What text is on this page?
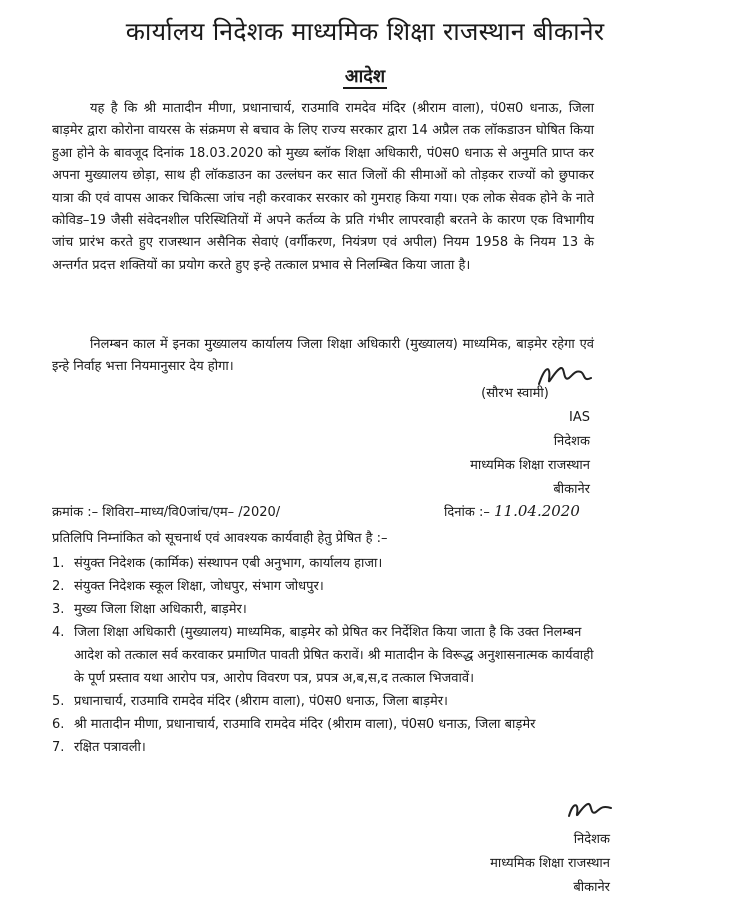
कार्यालय निदेशक माध्यमिक शिक्षा राजस्थान बीकानेर
आदेश
यह है कि श्री मातादीन मीणा, प्रधानाचार्य, राउमावि रामदेव मंदिर (श्रीराम वाला), पं0स0 धनाऊ, जिला बाड़मेर द्वारा कोरोना वायरस के संक्रमण से बचाव के लिए राज्य सरकार द्वारा 14 अप्रैल तक लॉकडाउन घोषित किया हुआ होने के बावजूद दिनांक 18.03.2020 को मुख्य ब्लॉक शिक्षा अधिकारी, पं0स0 धनाऊ से अनुमति प्राप्त कर अपना मुख्यालय छोड़ा, साथ ही लॉकडाउन का उल्लंघन कर सात जिलों की सीमाओं को तोड़कर राज्यों को छुपाकर यात्रा की एवं वापस आकर चिकित्सा जांच नही करवाकर सरकार को गुमराह किया गया। एक लोक सेवक होने के नाते कोविड–19 जैसी संवेदनशील परिस्थितियों में अपने कर्तव्य के प्रति गंभीर लापरवाही बरतने के कारण एक विभागीय जांच प्रारंभ करते हुए राजस्थान असैनिक सेवाएं (वर्गीकरण, नियंत्रण एवं अपील) नियम 1958 के नियम 13 के अन्तर्गत प्रदत्त शक्तियों का प्रयोग करते हुए इन्हे तत्काल प्रभाव से निलम्बित किया जाता है।
निलम्बन काल में इनका मुख्यालय कार्यालय जिला शिक्षा अधिकारी (मुख्यालय) माध्यमिक, बाड़मेर रहेगा एवं इन्हे निर्वाह भत्ता नियमानुसार देय होगा।
(सौरभ स्वामी)
IAS
निदेशक
माध्यमिक शिक्षा राजस्थान
बीकानेर
क्रमांक :– शिविरा–माध्य/वि0जांच/एम– /2020/	दिनांक :– 11.04.2020
प्रतिलिपि निम्नांकित को सूचनार्थ एवं आवश्यक कार्यवाही हेतु प्रेषित है :–
1. संयुक्त निदेशक (कार्मिक) संस्थापन एबी अनुभाग, कार्यालय हाजा।
2. संयुक्त निदेशक स्कूल शिक्षा, जोधपुर, संभाग जोधपुर।
3. मुख्य जिला शिक्षा अधिकारी, बाड़मेर।
4. जिला शिक्षा अधिकारी (मुख्यालय) माध्यमिक, बाड़मेर को प्रेषित कर निर्देशित किया जाता है कि उक्त निलम्बन आदेश को तत्काल सर्व करवाकर प्रमाणित पावती प्रेषित करावें। श्री मातादीन के विरूद्ध अनुशासनात्मक कार्यवाही के पूर्ण प्रस्ताव यथा आरोप पत्र, आरोप विवरण पत्र, प्रपत्र अ,ब,स,द तत्काल भिजवावें।
5. प्रधानाचार्य, राउमावि रामदेव मंदिर (श्रीराम वाला), पं0स0 धनाऊ, जिला बाड़मेर।
6. श्री मातादीन मीणा, प्रधानाचार्य, राउमावि रामदेव मंदिर (श्रीराम वाला), पं0स0 धनाऊ, जिला बाड़मेर
7. रक्षित पत्रावली।
निदेशक
माध्यमिक शिक्षा राजस्थान
बीकानेर
